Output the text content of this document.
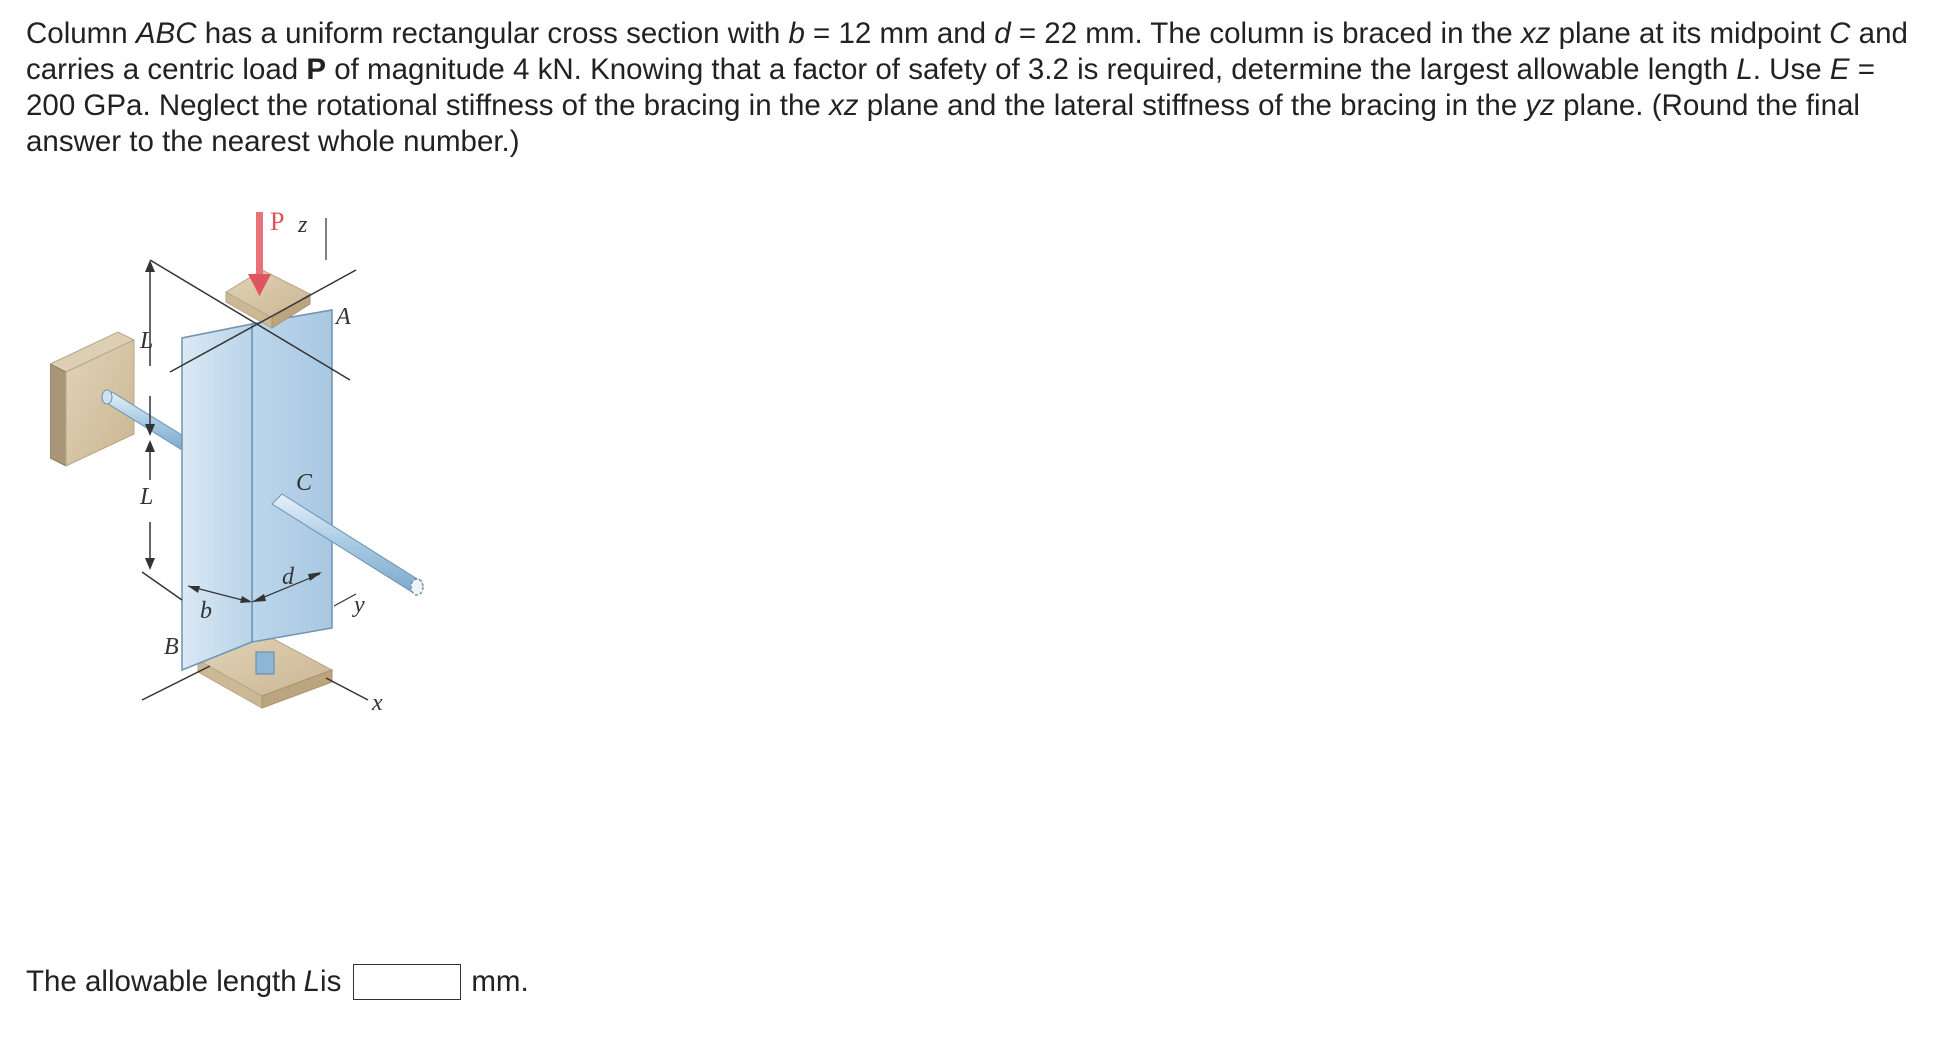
Column ABC has a uniform rectangular cross section with b = 12 mm and d = 22 mm. The column is braced in the xz plane at its midpoint C and carries a centric load P of magnitude 4 kN. Knowing that a factor of safety of 3.2 is required, determine the largest allowable length L. Use E = 200 GPa. Neglect the rotational stiffness of the bracing in the xz plane and the lateral stiffness of the bracing in the yz plane. (Round the final answer to the nearest whole number.)

z
P
A
L
L
C
d
b	y
B
x
The allowable length L is	mm.
